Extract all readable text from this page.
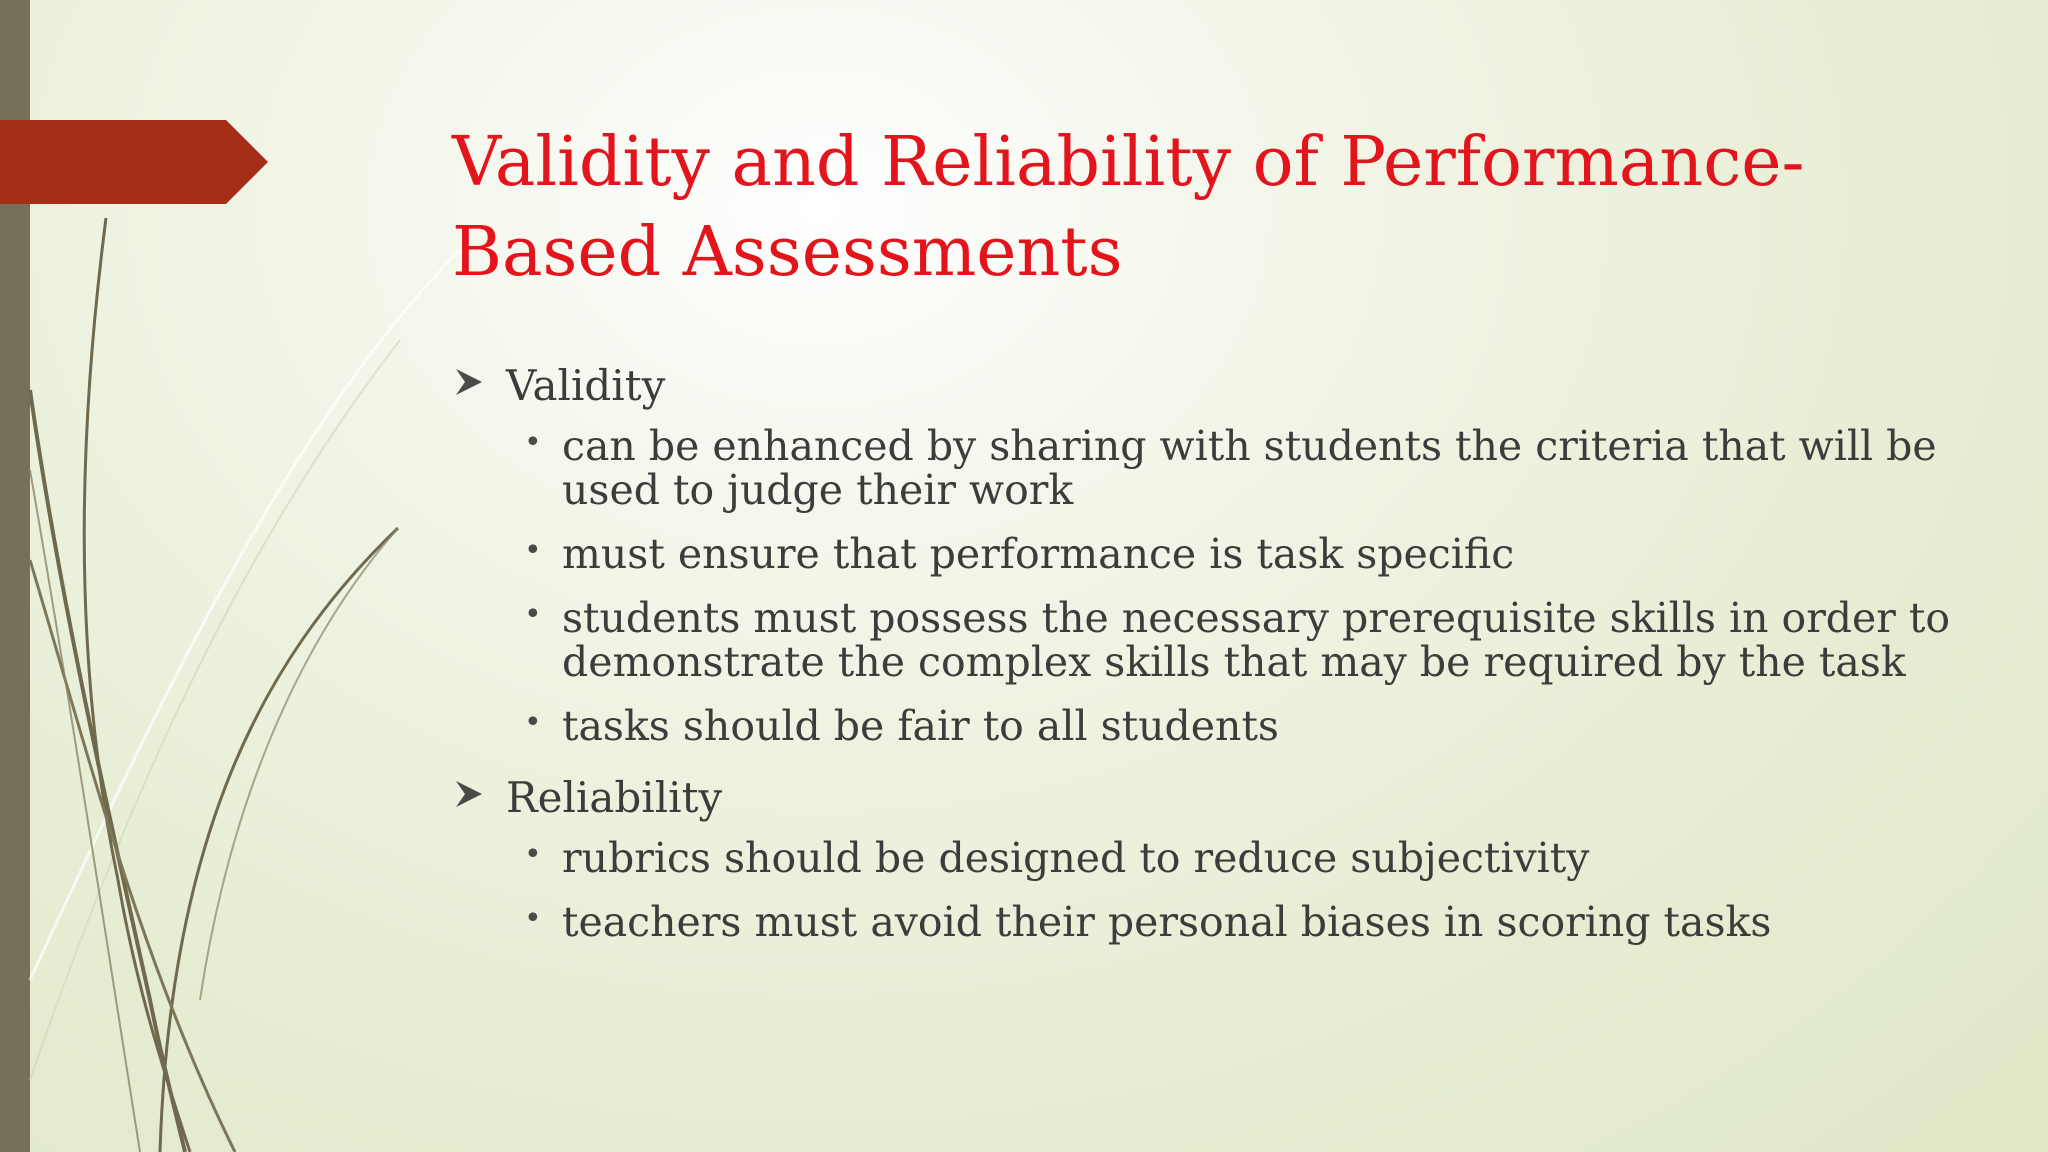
Validity and Reliability of Performance-Based Assessments
Validity
• can be enhanced by sharing with students the criteria that will be used to judge their work
• must ensure that performance is task specific
• students must possess the necessary prerequisite skills in order to demonstrate the complex skills that may be required by the task
• tasks should be fair to all students
Reliability
• rubrics should be designed to reduce subjectivity
• teachers must avoid their personal biases in scoring tasks
